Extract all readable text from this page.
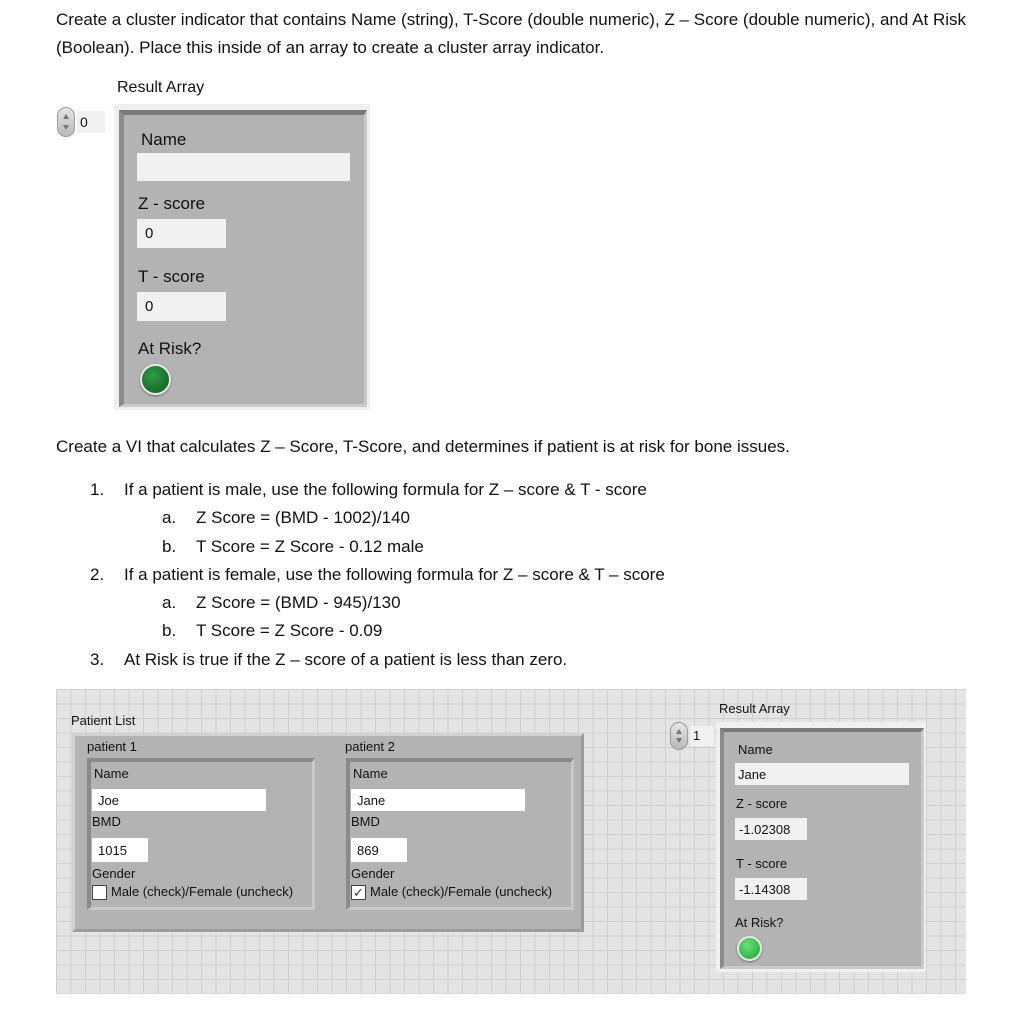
Create a cluster indicator that contains Name (string), T-Score (double numeric), Z – Score (double numeric), and At Risk (Boolean). Place this inside of an array to create a cluster array indicator.
Result Array
0
Name
Z - score
0
T - score
0
At Risk?
Create a VI that calculates Z – Score, T-Score, and determines if patient is at risk for bone issues.
1. If a patient is male, use the following formula for Z – score & T - score
a. Z Score = (BMD - 1002)/140
b. T Score = Z Score - 0.12 male
2. If a patient is female, use the following formula for Z – score & T – score
a. Z Score = (BMD - 945)/130
b. T Score = Z Score - 0.09
3. At Risk is true if the Z – score of a patient is less than zero.
Patient List
patient 1
Name
Joe
BMD
1015
Gender
Male (check)/Female (uncheck)
patient 2
Name
Jane
BMD
869
Gender
✓ Male (check)/Female (uncheck)
Result Array
1
Name
Jane
Z - score
-1.02308
T - score
-1.14308
At Risk?
